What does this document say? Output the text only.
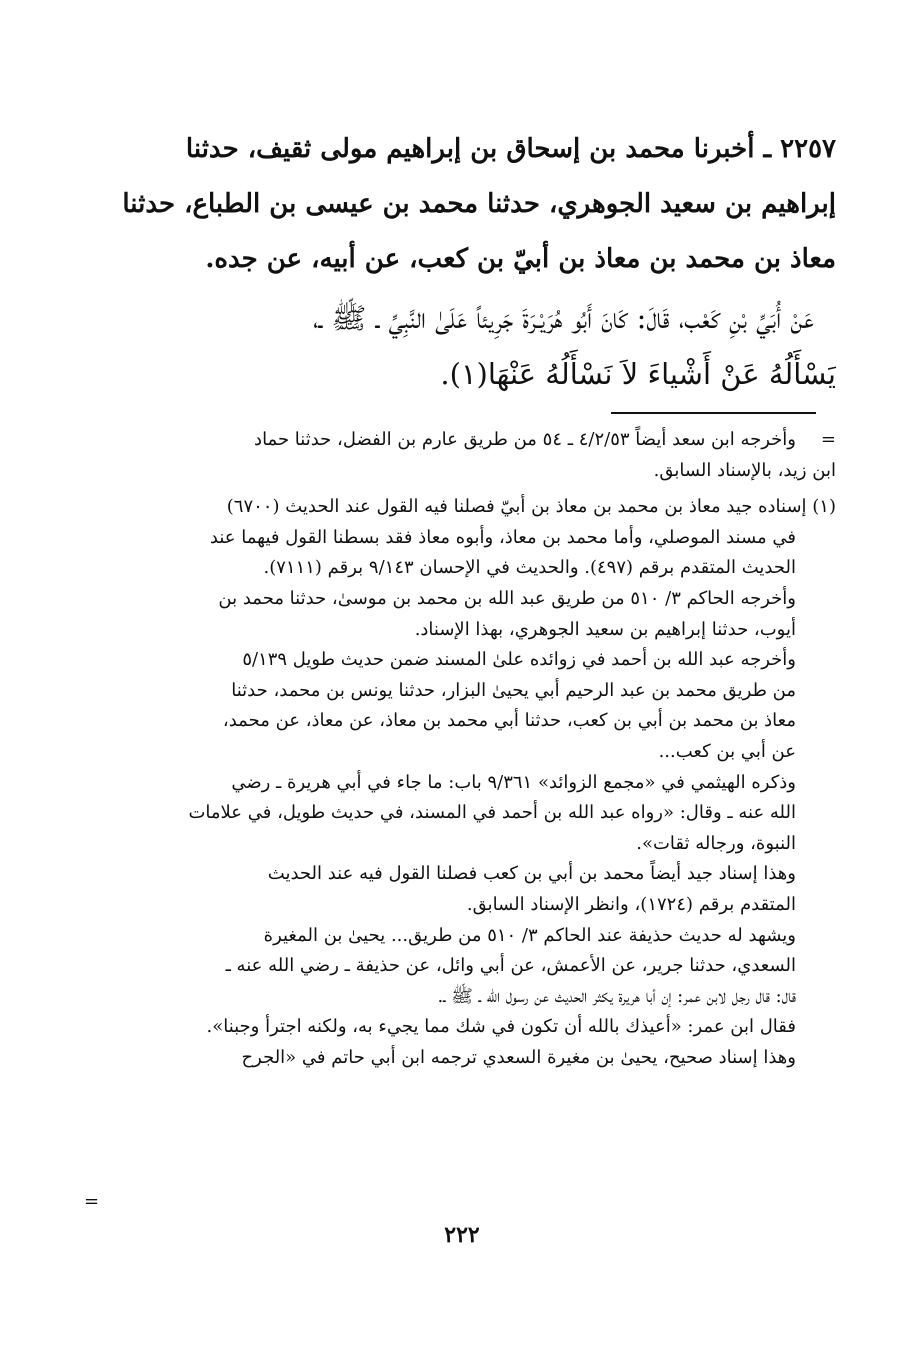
٢٢٥٧ ـ أخبرنا محمد بن إسحاق بن إبراهيم مولى ثقيف، حدثنا
إبراهيم بن سعيد الجوهري، حدثنا محمد بن عيسى بن الطباع، حدثنا
معاذ بن محمد بن معاذ بن أبيّ بن كعب، عن أبيه، عن جده.
عَنْ أُبَيِّ بْنِ كَعْب، قَالَ: كَانَ أَبُو هُرَيْـرَةَ جَرِيئاً عَلَىٰ النَّبِيِّ ـ ﷺ ـ،
يَسْأَلُهُ عَنْ أَشْياءَ لاَ نَسْأَلُهُ عَنْهَا(١).
=
وأخرجه ابن سعد أيضاً ٤/٢/٥٣ ـ ٥٤ من طريق عارم بن الفضل، حدثنا حماد
ابن زيد، بالإسناد السابق.
(١) إسناده جيد معاذ بن محمد بن معاذ بن أبيّ فصلنا فيه القول عند الحديث (٦٧٠٠)
في مسند الموصلي، وأما محمد بن معاذ، وأبوه معاذ فقد بسطنا القول فيهما عند
الحديث المتقدم برقم (٤٩٧). والحديث في الإحسان ٩/١٤٣ برقم (٧١١١).
وأخرجه الحاكم ٣/ ٥١٠ من طريق عبد الله بن محمد بن موسىٰ، حدثنا محمد بن
أيوب، حدثنا إبراهيم بن سعيد الجوهري، بهذا الإسناد.
وأخرجه عبد الله بن أحمد في زوائده علىٰ المسند ضمن حديث طويل ٥/١٣٩
من طريق محمد بن عبد الرحيم أبي يحيىٰ البزار، حدثنا يونس بن محمد، حدثنا
معاذ بن محمد بن أبي بن كعب، حدثنا أبي محمد بن معاذ، عن معاذ، عن محمد،
عن أبي بن كعب...
وذكره الهيثمي في «مجمع الزوائد» ٩/٣٦١ باب: ما جاء في أبي هريرة ـ رضي
الله عنه ـ وقال: «رواه عبد الله بن أحمد في المسند، في حديث طويل، في علامات
النبوة، ورجاله ثقات».
وهذا إسناد جيد أيضاً محمد بن أبي بن كعب فصلنا القول فيه عند الحديث
المتقدم برقم (١٧٢٤)، وانظر الإسناد السابق.
ويشهد له حديث حذيفة عند الحاكم ٣/ ٥١٠ من طريق... يحيىٰ بن المغيرة
السعدي، حدثنا جرير، عن الأعمش، عن أبي وائل، عن حذيفة ـ رضي الله عنه ـ
قال: قال رجل لابن عمر: إن أبا هريرة يكثر الحديث عن رسول الله ـ ﷺ ـ.
فقال ابن عمر: «أعيذك بالله أن تكون في شك مما يجيء به، ولكنه اجترأ وجبنا».
وهذا إسناد صحيح، يحيىٰ بن مغيرة السعدي ترجمه ابن أبي حاتم في «الجرح
=
٢٢٢
